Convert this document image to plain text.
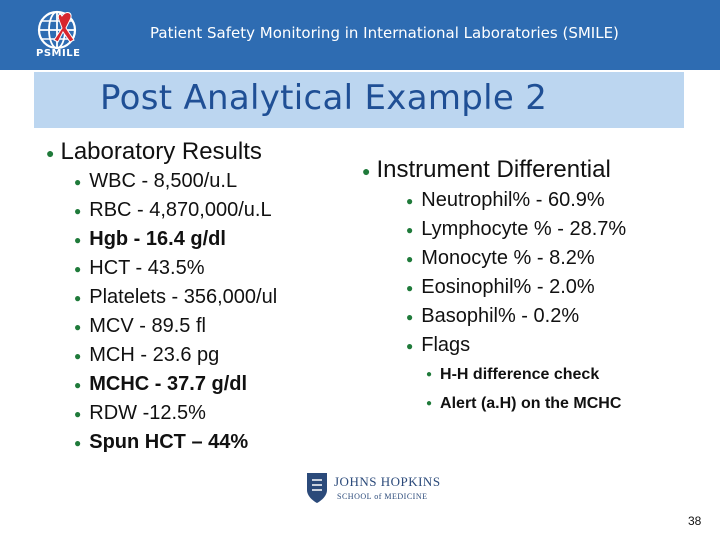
PSMILE
Patient Safety Monitoring in International Laboratories (SMILE)
Post Analytical Example 2
● Laboratory Results
● WBC - 8,500/u.L
● RBC - 4,870,000/u.L
● Hgb - 16.4 g/dl
● HCT - 43.5%
● Platelets - 356,000/ul
● MCV - 89.5 fl
● MCH - 23.6 pg
● MCHC - 37.7 g/dl
● RDW -12.5%
● Spun HCT – 44%
● Instrument Differential
● Neutrophil% - 60.9%
● Lymphocyte % - 28.7%
● Monocyte % - 8.2%
● Eosinophil% - 2.0%
● Basophil% - 0.2%
● Flags
● H-H difference check
● Alert (a.H) on the MCHC
JOHNS HOPKINS
SCHOOL of MEDICINE
38
